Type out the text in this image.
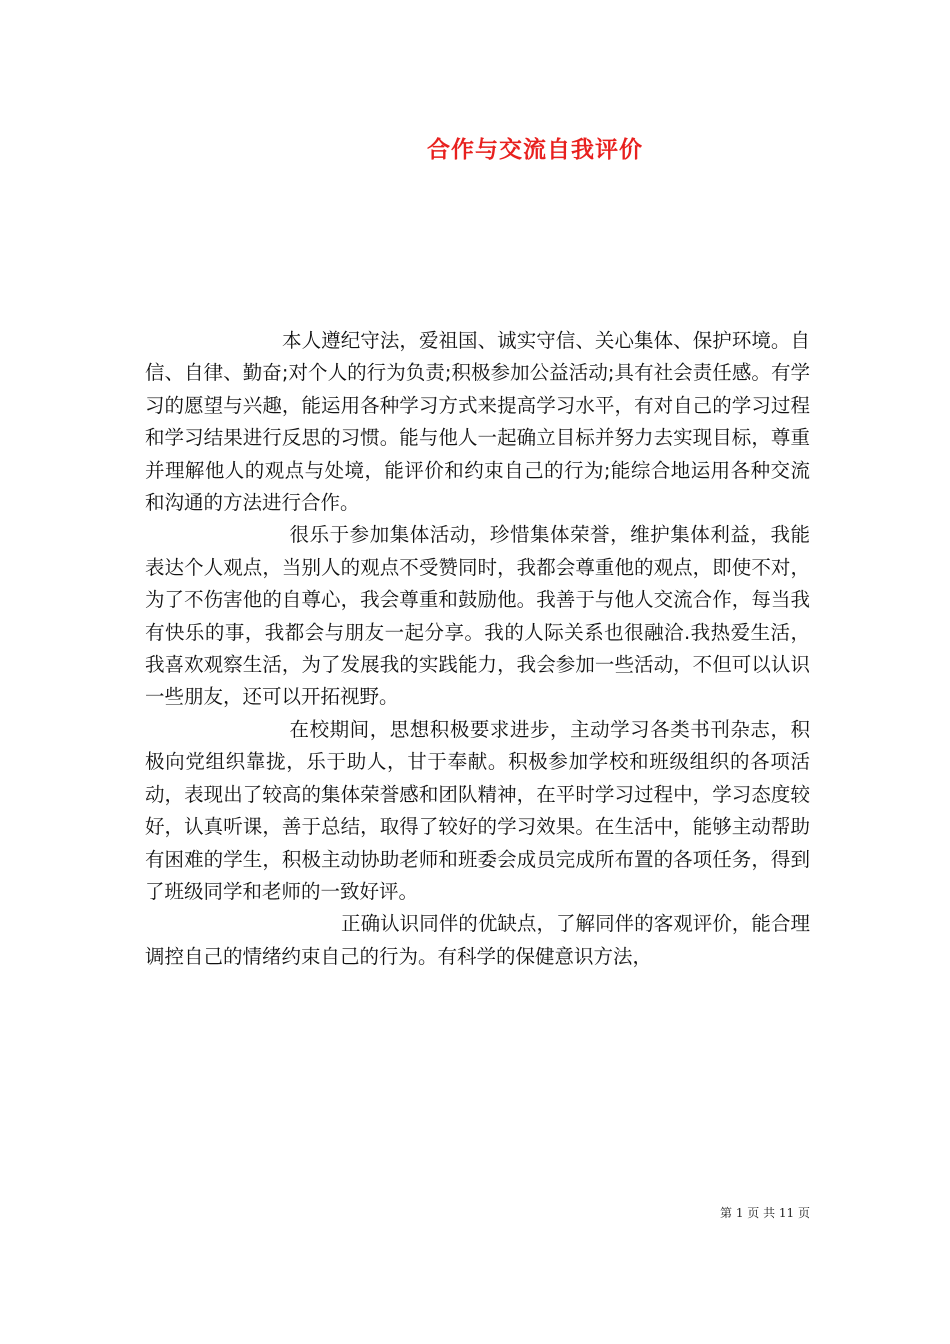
合作与交流自我评价

本人遵纪守法，爱祖国、诚实守信、关心集体、保护环境。自信、自律、勤奋;对个人的行为负责;积极参加公益活动;具有社会责任感。有学习的愿望与兴趣，能运用各种学习方式来提高学习水平，有对自己的学习过程和学习结果进行反思的习惯。能与他人一起确立目标并努力去实现目标，尊重并理解他人的观点与处境，能评价和约束自己的行为;能综合地运用各种交流和沟通的方法进行合作。

很乐于参加集体活动，珍惜集体荣誉，维护集体利益，我能表达个人观点，当别人的观点不受赞同时，我都会尊重他的观点，即使不对，为了不伤害他的自尊心，我会尊重和鼓励他。我善于与他人交流合作，每当我有快乐的事，我都会与朋友一起分享。我的人际关系也很融洽.我热爱生活，我喜欢观察生活，为了发展我的实践能力，我会参加一些活动，不但可以认识一些朋友，还可以开拓视野。

在校期间，思想积极要求进步，主动学习各类书刊杂志，积极向党组织靠拢，乐于助人，甘于奉献。积极参加学校和班级组织的各项活动，表现出了较高的集体荣誉感和团队精神，在平时学习过程中，学习态度较好，认真听课，善于总结，取得了较好的学习效果。在生活中，能够主动帮助有困难的学生，积极主动协助老师和班委会成员完成所布置的各项任务，得到了班级同学和老师的一致好评。

正确认识同伴的优缺点，了解同伴的客观评价，能合理调控自己的情绪约束自己的行为。有科学的保健意识方法，

第 1 页 共 11 页
